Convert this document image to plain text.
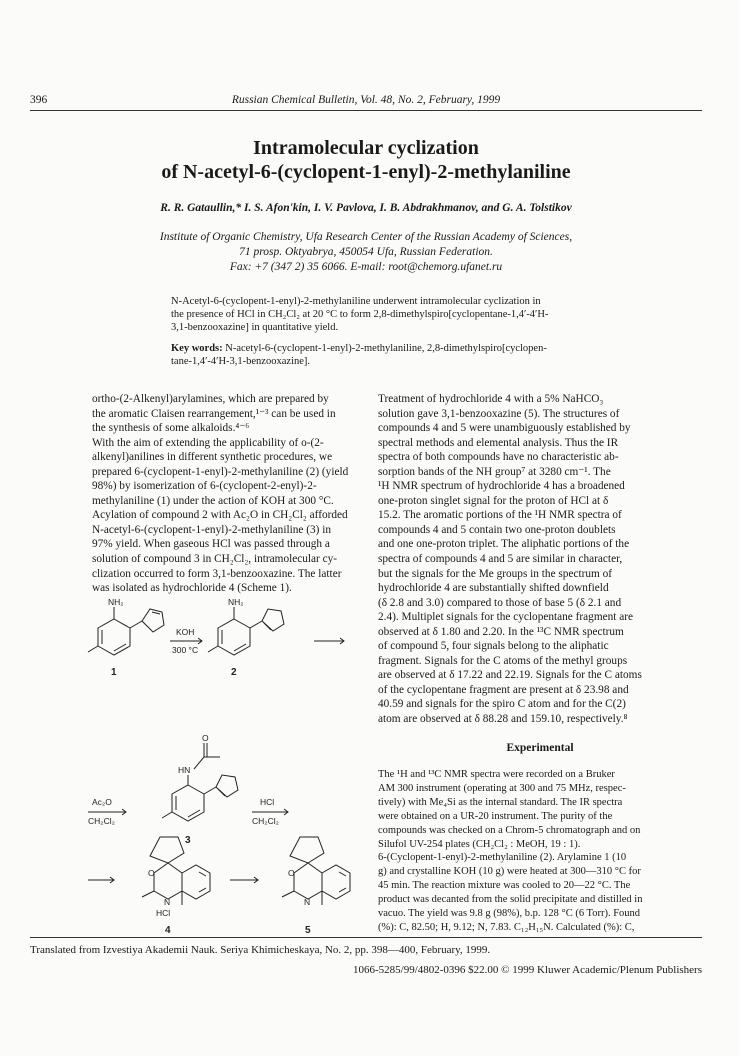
396	Russian Chemical Bulletin, Vol. 48, No. 2, February, 1999
Intramolecular cyclization
of N-acetyl-6-(cyclopent-1-enyl)-2-methylaniline
R. R. Gataullin,* I. S. Afon'kin, I. V. Pavlova, I. B. Abdrakhmanov, and G. A. Tolstikov
Institute of Organic Chemistry, Ufa Research Center of the Russian Academy of Sciences,
71 prosp. Oktyabrya, 450054 Ufa, Russian Federation.
Fax: +7 (347 2) 35 6066. E-mail: root@chemorg.ufanet.ru
N-Acetyl-6-(cyclopent-1-enyl)-2-methylaniline underwent intramolecular cyclization in
the presence of HCl in CH₂Cl₂ at 20 °C to form 2,8-dimethylspiro[cyclopentane-1,4′-4′H-
3,1-benzooxazine] in quantitative yield.
Key words: N-acetyl-6-(cyclopent-1-enyl)-2-methylaniline, 2,8-dimethylspiro[cyclopen-
tane-1,4′-4′H-3,1-benzooxazine].
ortho-(2-Alkenyl)arylamines, which are prepared by
the aromatic Claisen rearrangement,¹⁻³ can be used in
the synthesis of some alkaloids.⁴⁻⁶
With the aim of extending the applicability of o-(2-
alkenyl)anilines in different synthetic procedures, we
prepared 6-(cyclopent-1-enyl)-2-methylaniline (2) (yield
98%) by isomerization of 6-(cyclopent-2-enyl)-2-
methylaniline (1) under the action of KOH at 300 °C.
Acylation of compound 2 with Ac₂O in CH₂Cl₂ afforded
N-acetyl-6-(cyclopent-1-enyl)-2-methylaniline (3) in
97% yield. When gaseous HCl was passed through a
solution of compound 3 in CH₂Cl₂, intramolecular cy-
clization occurred to form 3,1-benzooxazine. The latter
was isolated as hydrochloride 4 (Scheme 1).
NH₂
1
KOH
300 °C
NH₂
2
Ac₂O
CH₂Cl₂
HN
O
3
HCl
CH₂Cl₂
O
N
HCl
4
O
N
5
Treatment of hydrochloride 4 with a 5% NaHCO₃
solution gave 3,1-benzooxazine (5). The structures of
compounds 4 and 5 were unambiguously established by
spectral methods and elemental analysis. Thus the IR
spectra of both compounds have no characteristic ab-
sorption bands of the NH group⁷ at 3280 cm⁻¹. The
¹H NMR spectrum of hydrochloride 4 has a broadened
one-proton singlet signal for the proton of HCl at δ
15.2. The aromatic portions of the ¹H NMR spectra of
compounds 4 and 5 contain two one-proton doublets
and one one-proton triplet. The aliphatic portions of the
spectra of compounds 4 and 5 are similar in character,
but the signals for the Me groups in the spectrum of
hydrochloride 4 are substantially shifted downfield
(δ 2.8 and 3.0) compared to those of base 5 (δ 2.1 and
2.4). Multiplet signals for the cyclopentane fragment are
observed at δ 1.80 and 2.20. In the ¹³C NMR spectrum
of compound 5, four signals belong to the aliphatic
fragment. Signals for the C atoms of the methyl groups
are observed at δ 17.22 and 22.19. Signals for the C atoms
of the cyclopentane fragment are present at δ 23.98 and
40.59 and signals for the spiro C atom and for the C(2)
atom are observed at δ 88.28 and 159.10, respectively.⁸
Experimental
The ¹H and ¹³C NMR spectra were recorded on a Bruker
AM 300 instrument (operating at 300 and 75 MHz, respec-
tively) with Me₄Si as the internal standard. The IR spectra
were obtained on a UR-20 instrument. The purity of the
compounds was checked on a Chrom-5 chromatograph and on
Silufol UV-254 plates (CH₂Cl₂ : MeOH, 19 : 1).
6-(Cyclopent-1-enyl)-2-methylaniline (2). Arylamine 1 (10
g) and crystalline KOH (10 g) were heated at 300—310 °C for
45 min. The reaction mixture was cooled to 20—22 °C. The
product was decanted from the solid precipitate and distilled in
vacuo. The yield was 9.8 g (98%), b.p. 128 °C (6 Torr). Found
(%): C, 82.50; H, 9.12; N, 7.83. C₁₂H₁₅N. Calculated (%): C,
Translated from Izvestiya Akademii Nauk. Seriya Khimicheskaya, No. 2, pp. 398—400, February, 1999.
1066-5285/99/4802-0396 $22.00 © 1999 Kluwer Academic/Plenum Publishers
